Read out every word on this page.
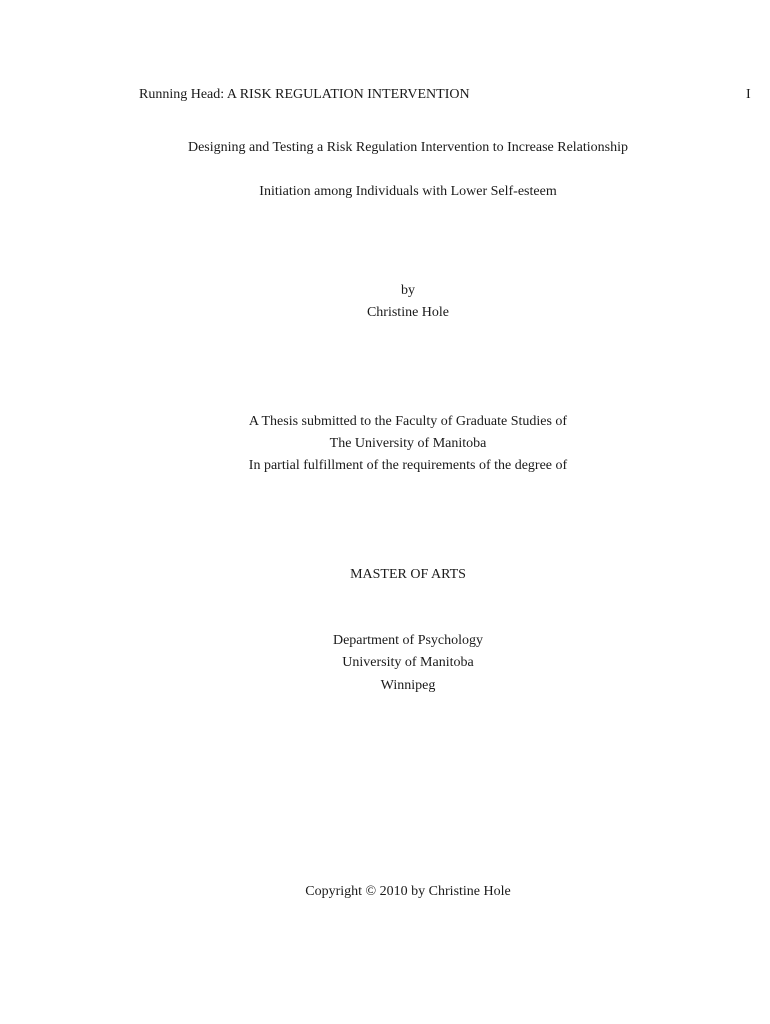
Running Head: A RISK REGULATION INTERVENTION	I
Designing and Testing a Risk Regulation Intervention to Increase Relationship
Initiation among Individuals with Lower Self-esteem
by
Christine Hole
A Thesis submitted to the Faculty of Graduate Studies of
The University of Manitoba
In partial fulfillment of the requirements of the degree of
MASTER OF ARTS
Department of Psychology
University of Manitoba
Winnipeg
Copyright © 2010 by Christine Hole
